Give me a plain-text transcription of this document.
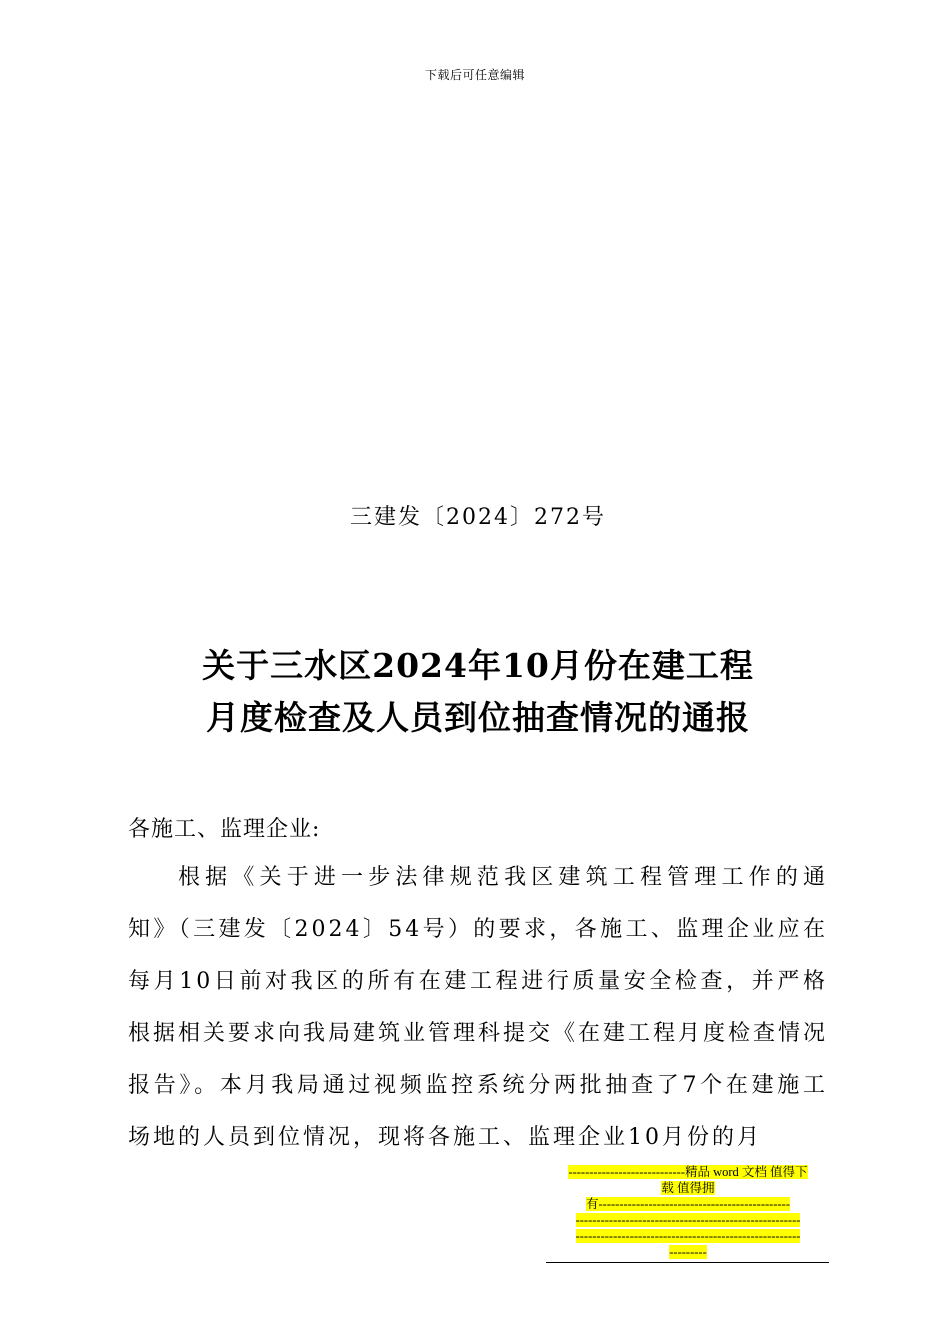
下载后可任意编辑
三建发〔2024〕272号
关于三水区2024年10月份在建工程
月度检查及人员到位抽查情况的通报
各施工、监理企业:
根据《关于进一步法律规范我区建筑工程管理工作的通知》（三建发〔2024〕54号）的要求，各施工、监理企业应在每月10日前对我区的所有在建工程进行质量安全检查，并严格根据相关要求向我局建筑业管理科提交《在建工程月度检查情况报告》。本月我局通过视频监控系统分两批抽查了7个在建施工场地的人员到位情况，现将各施工、监理企业10月份的月
----------------------------精品 word 文档 值得下
载 值得拥
有----------------------------------------------
------------------------------------------------------
------------------------------------------------------
---------
